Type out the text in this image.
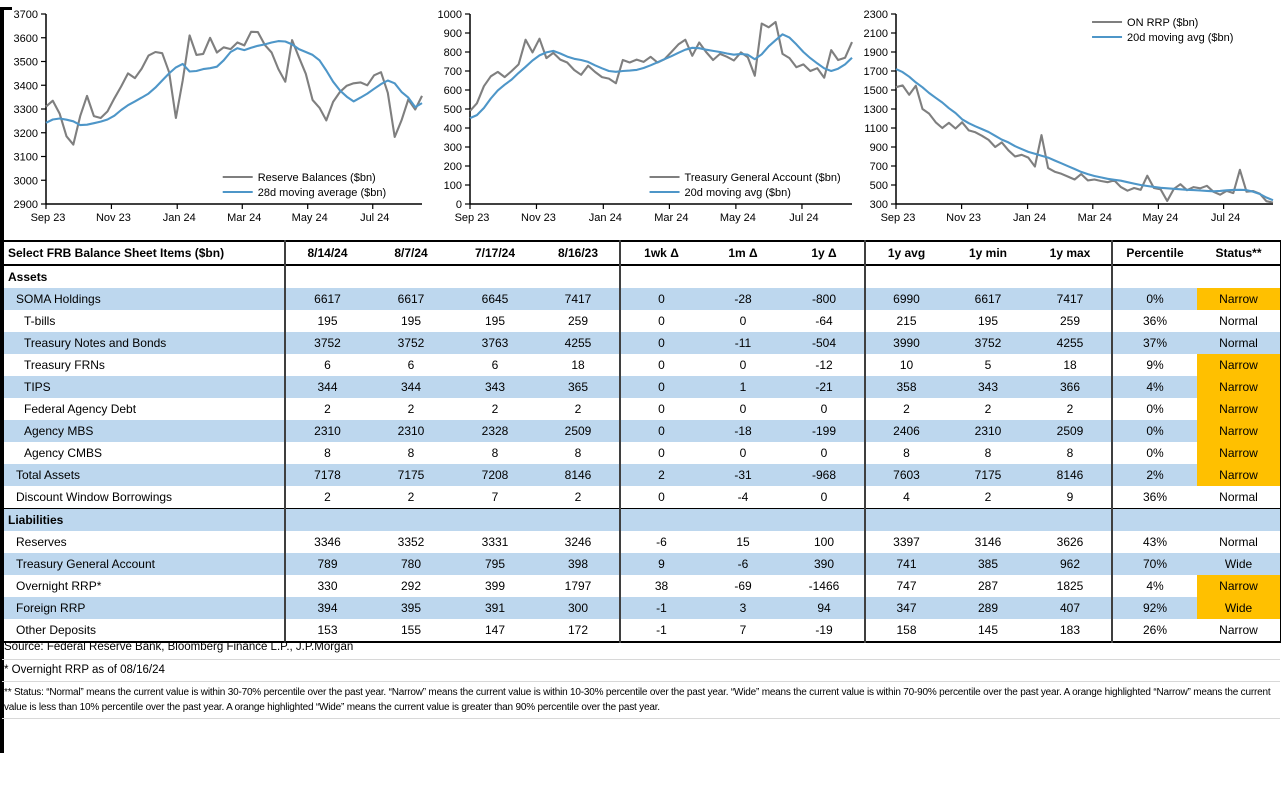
2900
3000
3100
3200
3300
3400
3500
3600
3700
Sep 23	Nov 23	Jan 24	Mar 24	May 24	Jul 24
Reserve Balances ($bn)
28d moving average ($bn)
0
100
200
300
400
500
600
700
800
900
1000
Sep 23	Nov 23	Jan 24	Mar 24	May 24	Jul 24
Treasury General Account ($bn)
20d moving avg ($bn)
300
500
700
900
1100
1300
1500
1700
1900
2100
2300
Sep 23	Nov 23	Jan 24	Mar 24	May 24	Jul 24
ON RRP ($bn)
20d moving avg ($bn)
Select FRB Balance Sheet Items ($bn)	8/14/24	8/7/24	7/17/24	8/16/23	1wk Δ	1m Δ	1y Δ	1y avg	1y min	1y max	Percentile	Status**
Assets												
SOMA Holdings	6617	6617	6645	7417	0	-28	-800	6990	6617	7417	0%	Narrow
T-bills	195	195	195	259	0	0	-64	215	195	259	36%	Normal
Treasury Notes and Bonds	3752	3752	3763	4255	0	-11	-504	3990	3752	4255	37%	Normal
Treasury FRNs	6	6	6	18	0	0	-12	10	5	18	9%	Narrow
TIPS	344	344	343	365	0	1	-21	358	343	366	4%	Narrow
Federal Agency Debt	2	2	2	2	0	0	0	2	2	2	0%	Narrow
Agency MBS	2310	2310	2328	2509	0	-18	-199	2406	2310	2509	0%	Narrow
Agency CMBS	8	8	8	8	0	0	0	8	8	8	0%	Narrow
Total Assets	7178	7175	7208	8146	2	-31	-968	7603	7175	8146	2%	Narrow
Discount Window Borrowings	2	2	7	2	0	-4	0	4	2	9	36%	Normal
Liabilities												
Reserves	3346	3352	3331	3246	-6	15	100	3397	3146	3626	43%	Normal
Treasury General Account	789	780	795	398	9	-6	390	741	385	962	70%	Wide
Overnight RRP*	330	292	399	1797	38	-69	-1466	747	287	1825	4%	Narrow
Foreign RRP	394	395	391	300	-1	3	94	347	289	407	92%	Wide
Other Deposits	153	155	147	172	-1	7	-19	158	145	183	26%	Narrow
Source: Federal Reserve Bank, Bloomberg Finance L.P., J.P.Morgan
* Overnight RRP as of 08/16/24
** Status: “Normal” means the current value is within 30-70% percentile over the past year. “Narrow” means the current value is within 10-30% percentile over the past year. “Wide” means the current value is within 70-90% percentile over the past year. A orange highlighted “Narrow” means the current value is less than 10% percentile over the past year. A orange highlighted “Wide” means the current value is greater than 90% percentile over the past year.
